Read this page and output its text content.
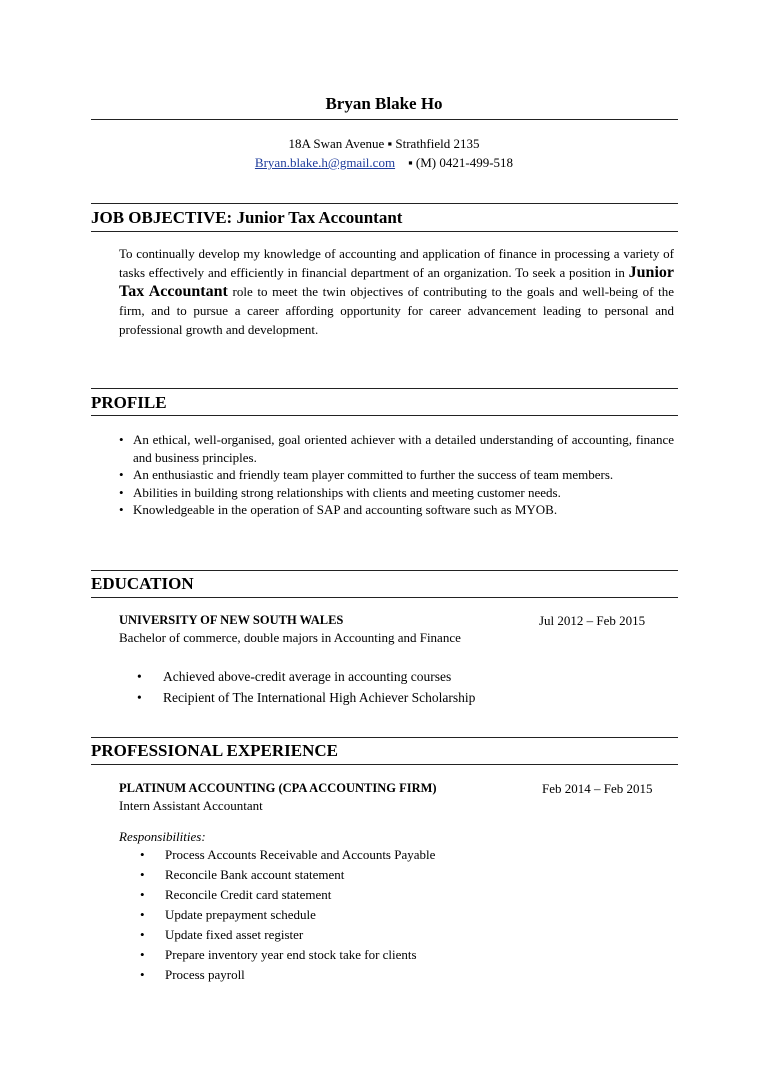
Bryan Blake Ho
18A Swan Avenue ▪ Strathfield 2135
Bryan.blake.h@gmail.com ▪ (M) 0421-499-518
JOB OBJECTIVE: Junior Tax Accountant

To continually develop my knowledge of accounting and application of finance in processing a variety of tasks effectively and efficiently in financial department of an organization. To seek a position in Junior Tax Accountant role to meet the twin objectives of contributing to the goals and well-being of the firm, and to pursue a career affording opportunity for career advancement leading to personal and professional growth and development.

PROFILE
• An ethical, well-organised, goal oriented achiever with a detailed understanding of accounting, finance and business principles.
• An enthusiastic and friendly team player committed to further the success of team members.
• Abilities in building strong relationships with clients and meeting customer needs.
• Knowledgeable in the operation of SAP and accounting software such as MYOB.
EDUCATION
UNIVERSITY OF NEW SOUTH WALES	Jul 2012 – Feb 2015
Bachelor of commerce, double majors in Accounting and Finance
• Achieved above-credit average in accounting courses
• Recipient of The International High Achiever Scholarship
PROFESSIONAL EXPERIENCE
PLATINUM ACCOUNTING (CPA ACCOUNTING FIRM)	Feb 2014 – Feb 2015
Intern Assistant Accountant
Responsibilities:
• Process Accounts Receivable and Accounts Payable
• Reconcile Bank account statement
• Reconcile Credit card statement
• Update prepayment schedule
• Update fixed asset register
• Prepare inventory year end stock take for clients
• Process payroll
